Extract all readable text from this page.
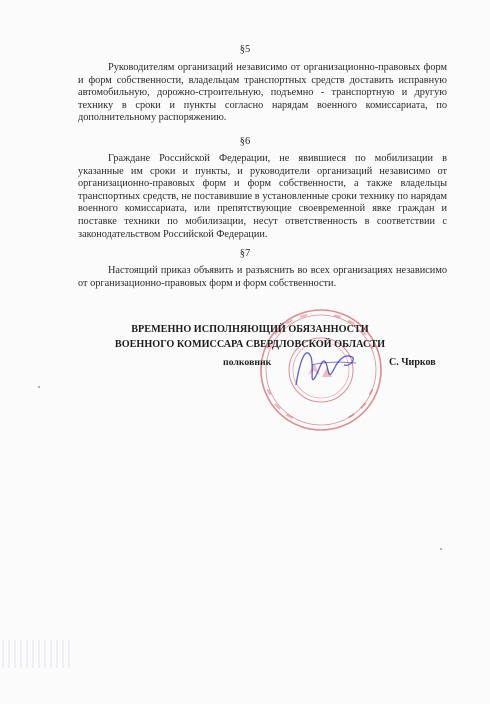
§5
Руководителям организаций независимо от организационно-правовых форм и форм собственности, владельцам транспортных средств доставить исправную автомобильную, дорожно-строительную, подъемно - транспортную и другую технику в сроки и пункты согласно нарядам военного комиссариата, по дополнительному распоряжению.
§6
Граждане Российской Федерации, не явившиеся по мобилизации в указанные им сроки и пункты, и руководители организаций независимо от организационно-правовых форм и форм собственности, а также владельцы транспортных средств, не поставившие в установленные сроки технику по нарядам военного комиссариата, или препятствующие своевременной явке граждан и поставке техники по мобилизации, несут ответственность в соответствии с законодательством Российской Федерации.
§7
Настоящий приказ объявить и разъяснить во всех организациях независимо от организационно-правовых форм и форм собственности.
ВРЕМЕННО ИСПОЛНЯЮЩИЙ ОБЯЗАННОСТИ
ВОЕННОГО КОМИССАРА СВЕРДЛОВСКОЙ ОБЛАСТИ
полковник	С. Чирков
